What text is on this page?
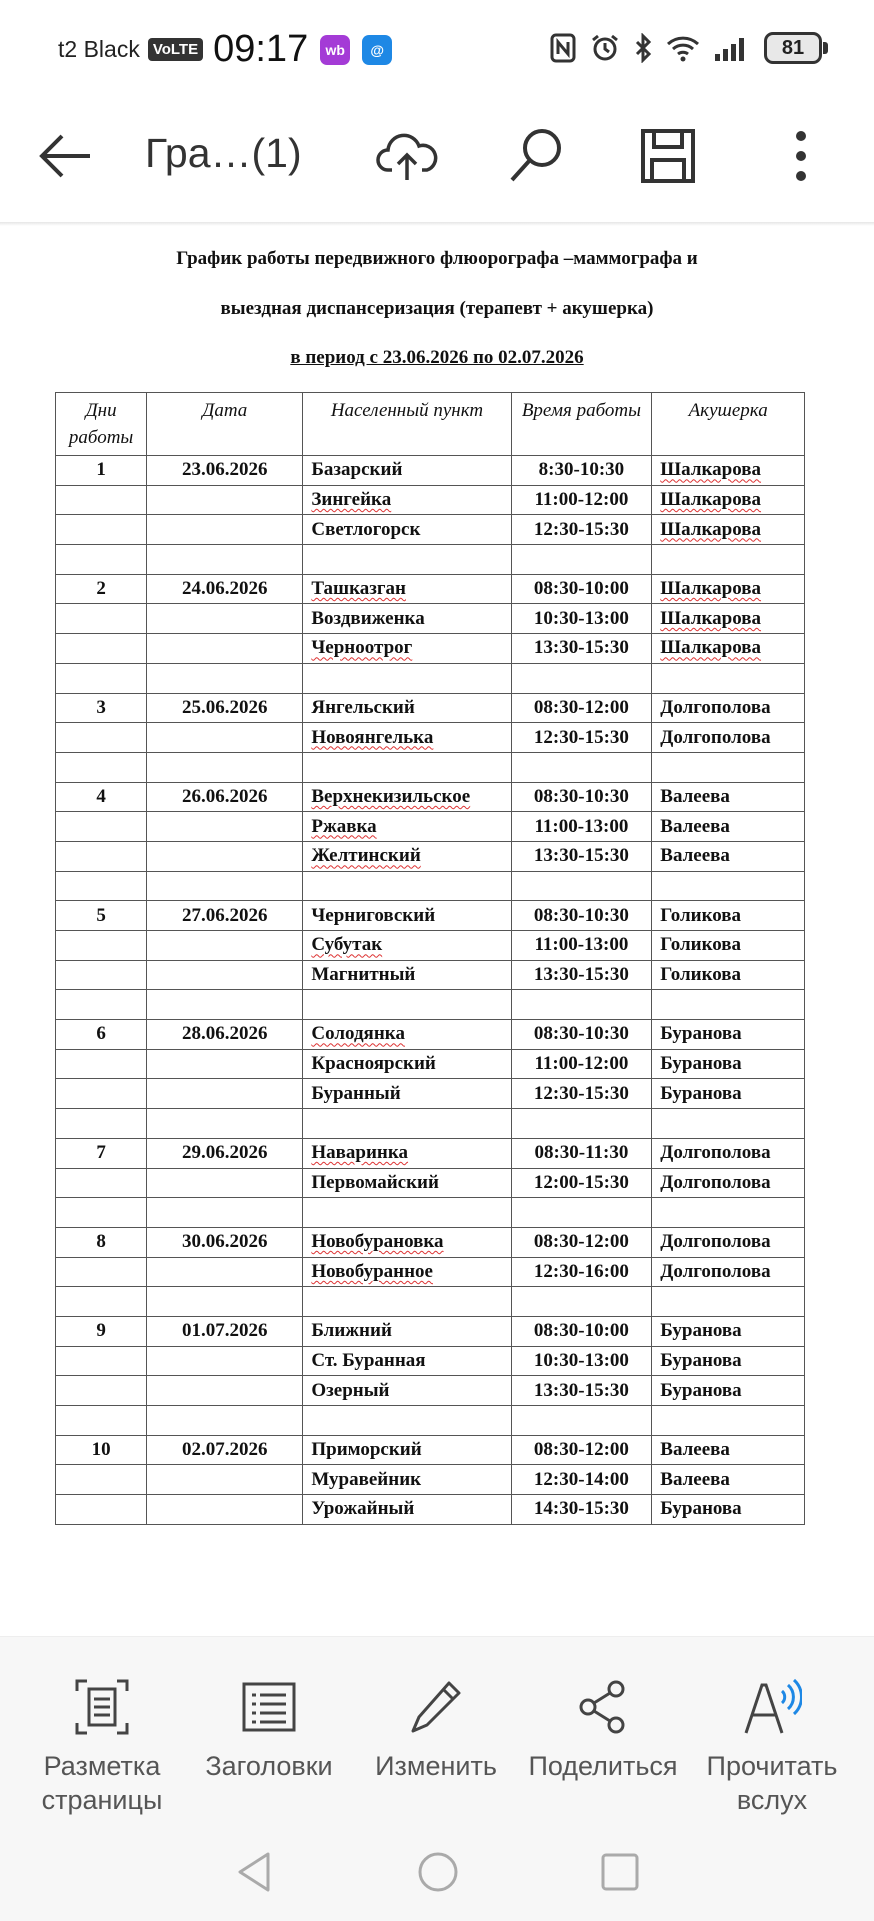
t2 Black VoLTE 09:17	wb	@	81
Гра…(1)
График работы передвижного флюорографа –маммографа и
выездная диспансеризация (терапевт + акушерка)
в период с 23.06.2026 по 02.07.2026
Дни работы	Дата	Населенный пункт	Время работы	Акушерка
1	23.06.2026	Базарский	8:30-10:30	Шалкарова
		Зингейка	11:00-12:00	Шалкарова
		Светлогорск	12:30-15:30	Шалкарова

2	24.06.2026	Ташказган	08:30-10:00	Шалкарова
		Воздвиженка	10:30-13:00	Шалкарова
		Черноотрог	13:30-15:30	Шалкарова

3	25.06.2026	Янгельский	08:30-12:00	Долгополова
		Новоянгелька	12:30-15:30	Долгополова

4	26.06.2026	Верхнекизильское	08:30-10:30	Валеева
		Ржавка	11:00-13:00	Валеева
		Желтинский	13:30-15:30	Валеева

5	27.06.2026	Черниговский	08:30-10:30	Голикова
		Субутак	11:00-13:00	Голикова
		Магнитный	13:30-15:30	Голикова

6	28.06.2026	Солодянка	08:30-10:30	Буранова
		Красноярский	11:00-12:00	Буранова
		Буранный	12:30-15:30	Буранова

7	29.06.2026	Наваринка	08:30-11:30	Долгополова
		Первомайский	12:00-15:30	Долгополова

8	30.06.2026	Новобурановка	08:30-12:00	Долгополова
		Новобуранное	12:30-16:00	Долгополова

9	01.07.2026	Ближний	08:30-10:00	Буранова
		Ст. Буранная	10:30-13:00	Буранова
		Озерный	13:30-15:30	Буранова

10	02.07.2026	Приморский	08:30-12:00	Валеева
		Муравейник	12:30-14:00	Валеева
		Урожайный	14:30-15:30	Буранова
Разметка страницы
Заголовки	Изменить	Поделиться	Прочитать вслух
